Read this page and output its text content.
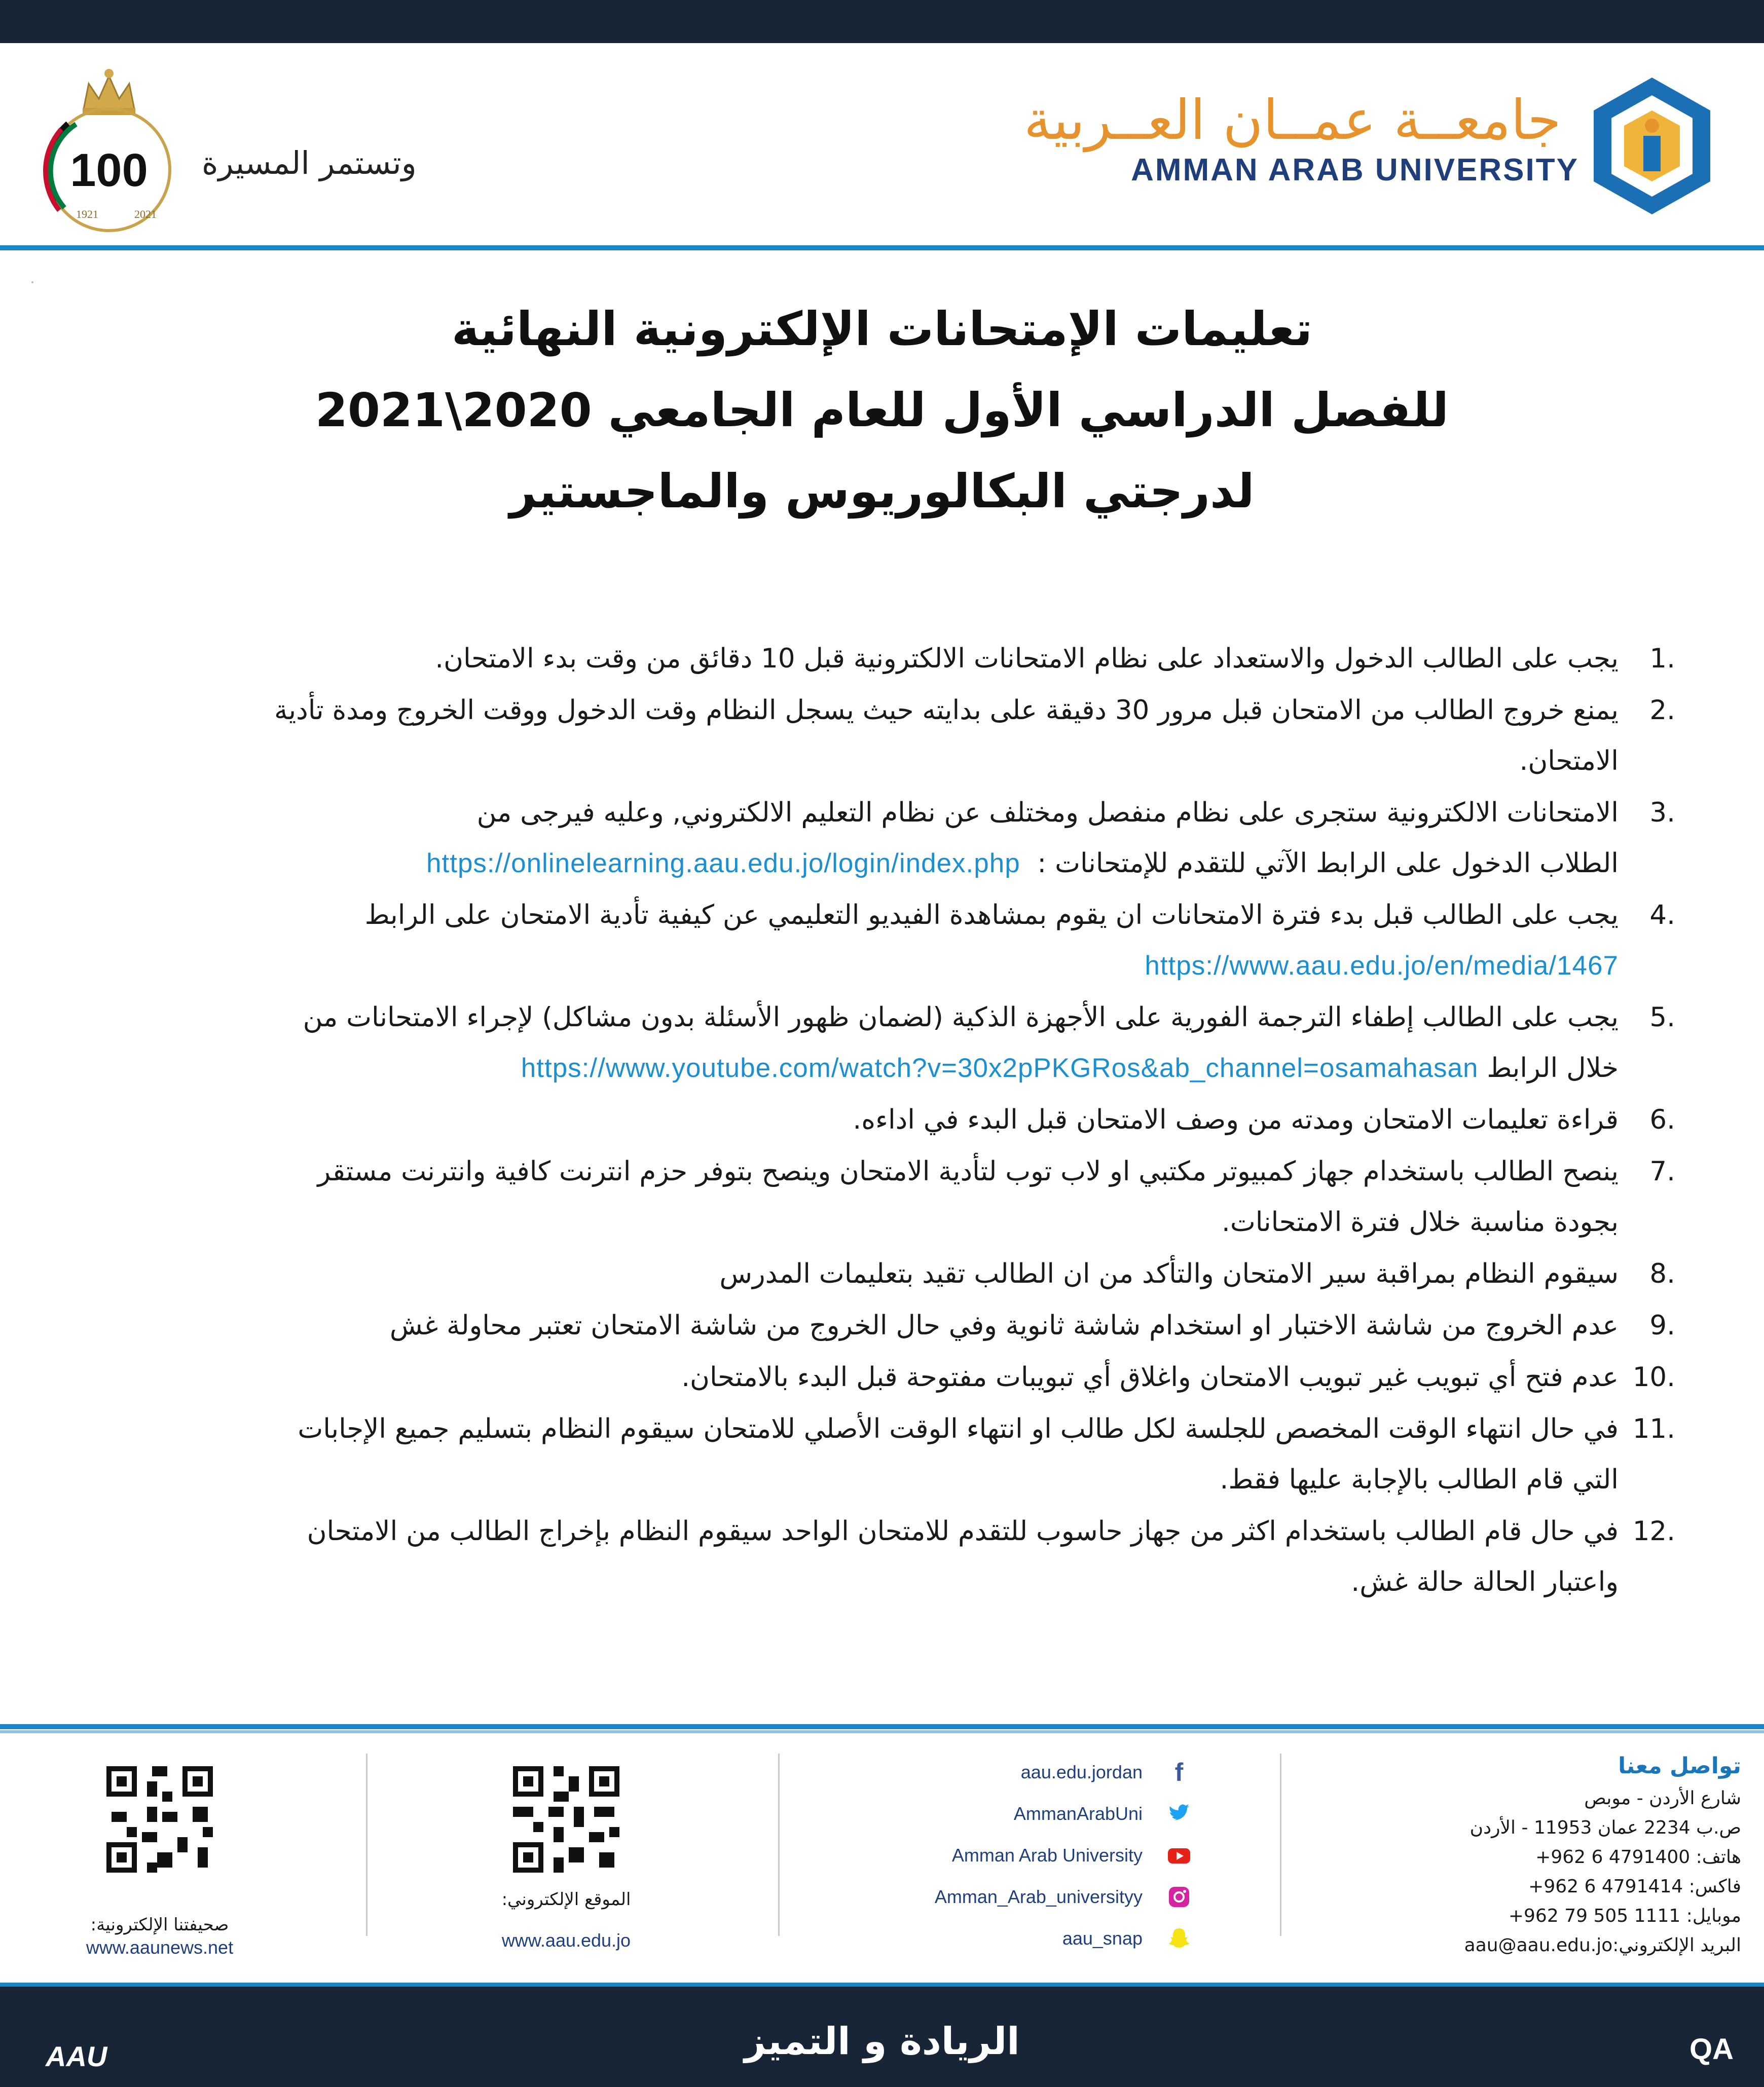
100
1921	2021
وتستمر المسيرة
جامعــة عمــان العــربية
AMMAN ARAB UNIVERSITY
تعليمات الإمتحانات الإلكترونية النهائية
للفصل الدراسي الأول للعام الجامعي 2020\2021
لدرجتي البكالوريوس والماجستير
1.
يجب على الطالب الدخول والاستعداد على نظام الامتحانات الالكترونية قبل 10 دقائق من وقت بدء الامتحان.
2.
يمنع خروج الطالب من الامتحان قبل مرور 30 دقيقة على بدايته حيث يسجل النظام وقت الدخول ووقت الخروج ومدة تأدية
الامتحان.
3.
الامتحانات الالكترونية ستجرى على نظام منفصل ومختلف عن نظام التعليم الالكتروني, وعليه فيرجى من
الطلاب الدخول على الرابط الآتي للتقدم للإمتحانات :  https://onlinelearning.aau.edu.jo/login/index.php
4.
يجب على الطالب قبل بدء فترة الامتحانات ان يقوم بمشاهدة الفيديو التعليمي عن كيفية تأدية الامتحان على الرابط
https://www.aau.edu.jo/en/media/1467
5.
يجب على الطالب إطفاء الترجمة الفورية على الأجهزة الذكية (لضمان ظهور الأسئلة بدون مشاكل) لإجراء الامتحانات من
خلال الرابط https://www.youtube.com/watch?v=30x2pPKGRos&ab_channel=osamahasan
6.
قراءة تعليمات الامتحان ومدته من وصف الامتحان قبل البدء في اداءه.
7.
ينصح الطالب باستخدام جهاز كمبيوتر مكتبي او لاب توب لتأدية الامتحان وينصح بتوفر حزم انترنت كافية وانترنت مستقر
بجودة مناسبة خلال فترة الامتحانات.
8.
سيقوم النظام بمراقبة سير الامتحان والتأكد من ان الطالب تقيد بتعليمات المدرس
9.
عدم الخروج من شاشة الاختبار او استخدام شاشة ثانوية وفي حال الخروج من شاشة الامتحان تعتبر محاولة غش
10.
عدم فتح أي تبويب غير تبويب الامتحان واغلاق أي تبويبات مفتوحة قبل البدء بالامتحان.
11.
في حال انتهاء الوقت المخصص للجلسة لكل طالب او انتهاء الوقت الأصلي للامتحان سيقوم النظام بتسليم جميع الإجابات
التي قام الطالب بالإجابة عليها فقط.
12.
في حال قام الطالب باستخدام اكثر من جهاز حاسوب للتقدم للامتحان الواحد سيقوم النظام بإخراج الطالب من الامتحان
واعتبار الحالة حالة غش.
تواصل معنا
شارع الأردن - موبص
ص.ب 2234 عمان 11953 - الأردن
هاتف: 4791400 6 962+
فاكس: 4791414 6 962+
موبايل: 1111 505 79 962+
البريد الإلكتروني:aau@aau.edu.jo
aau.edu.jordan	f
AmmanArabUni
Amman Arab University
Amman_Arab_universityy
aau_snap
الموقع الإلكتروني:
www.aau.edu.jo
صحيفتنا الإلكترونية:
www.aaunews.net
AAU	الريادة و التميز	QA
